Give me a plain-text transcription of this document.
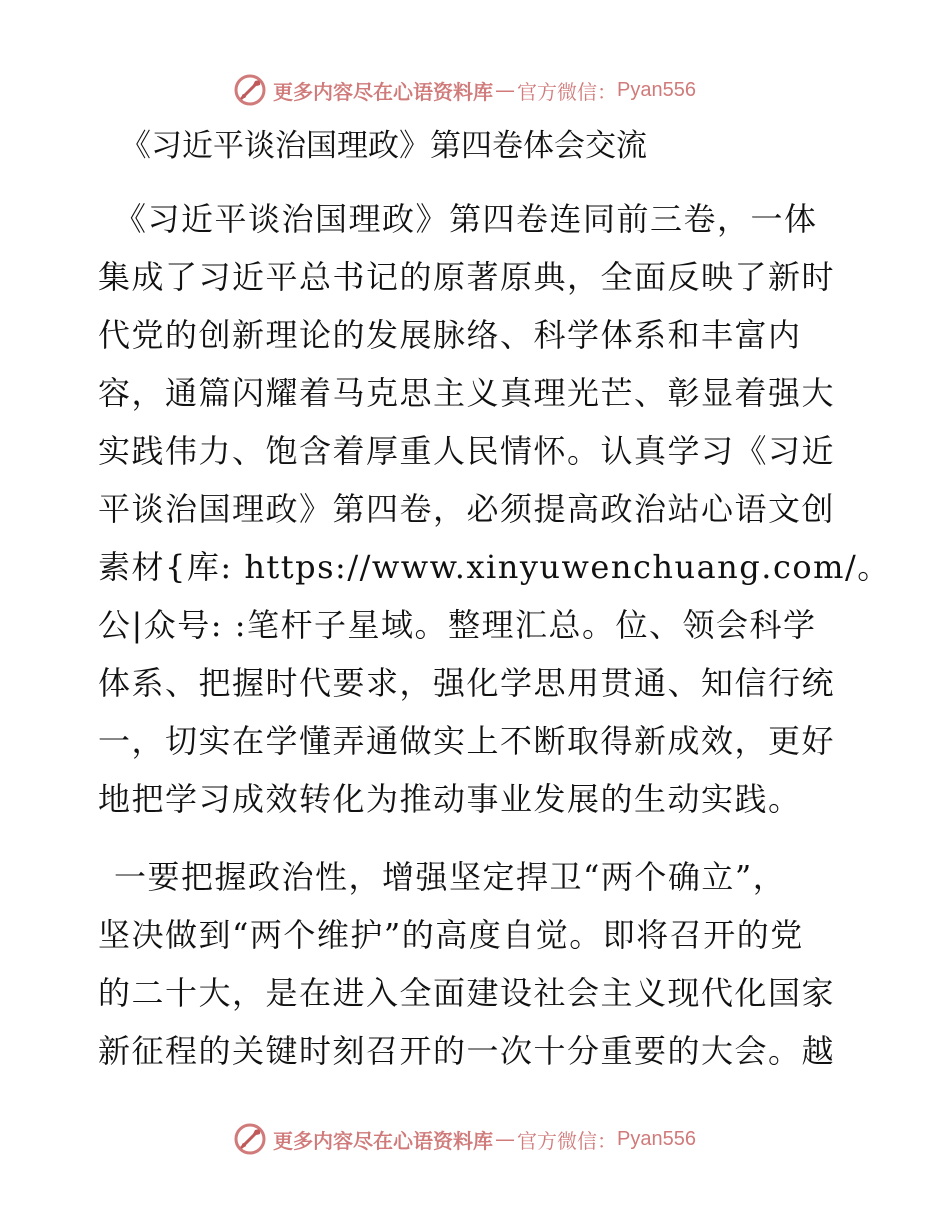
更多内容尽在心语资料库 — 官方微信： Pyan556
《习近平谈治国理政》第四卷体会交流
《习近平谈治国理政》第四卷连同前三卷，一体
集成了习近平总书记的原著原典，全面反映了新时
代党的创新理论的发展脉络、科学体系和丰富内
容，通篇闪耀着马克思主义真理光芒、彰显着强大
实践伟力、饱含着厚重人民情怀。认真学习《习近
平谈治国理政》第四卷，必须提高政治站心语文创
素材{库: https://www.xinyuwenchuang.com/。
公|众号: :笔杆子星域。整理汇总。位、领会科学
体系、把握时代要求，强化学思用贯通、知信行统
一，切实在学懂弄通做实上不断取得新成效，更好
地把学习成效转化为推动事业发展的生动实践。
一要把握政治性，增强坚定捍卫“两个确立”，
坚决做到“两个维护”的高度自觉。即将召开的党
的二十大，是在进入全面建设社会主义现代化国家
新征程的关键时刻召开的一次十分重要的大会。越
更多内容尽在心语资料库 — 官方微信： Pyan556
